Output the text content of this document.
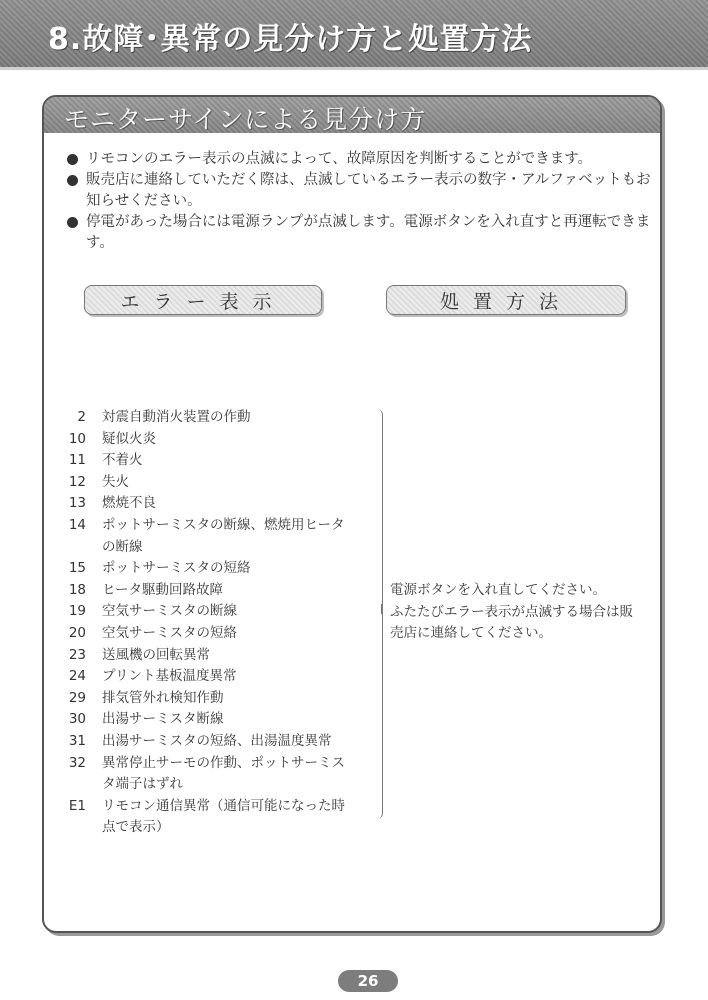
8.故障･異常の見分け方と処置方法
モニターサインによる見分け方
リモコンのエラー表示の点滅によって、故障原因を判断することができます。
販売店に連絡していただく際は、点滅しているエラー表示の数字・アルファベットもお知らせください。
停電があった場合には電源ランプが点滅します。電源ボタンを入れ直すと再運転できます。
エラー表示	処置方法
2 対震自動消火装置の作動
10 疑似火炎
11 不着火
12 失火
13 燃焼不良
14 ポットサーミスタの断線、燃焼用ヒータの断線
15 ポットサーミスタの短絡
18 ヒータ駆動回路故障
19 空気サーミスタの断線
20 空気サーミスタの短絡
23 送風機の回転異常
24 プリント基板温度異常
29 排気管外れ検知作動
30 出湯サーミスタ断線
31 出湯サーミスタの短絡、出湯温度異常
32 異常停止サーモの作動、ポットサーミスタ端子はずれ
E1 リモコン通信異常（通信可能になった時点で表示）
電源ボタンを入れ直してください。
ふたたびエラー表示が点滅する場合は販売店に連絡してください。
26
